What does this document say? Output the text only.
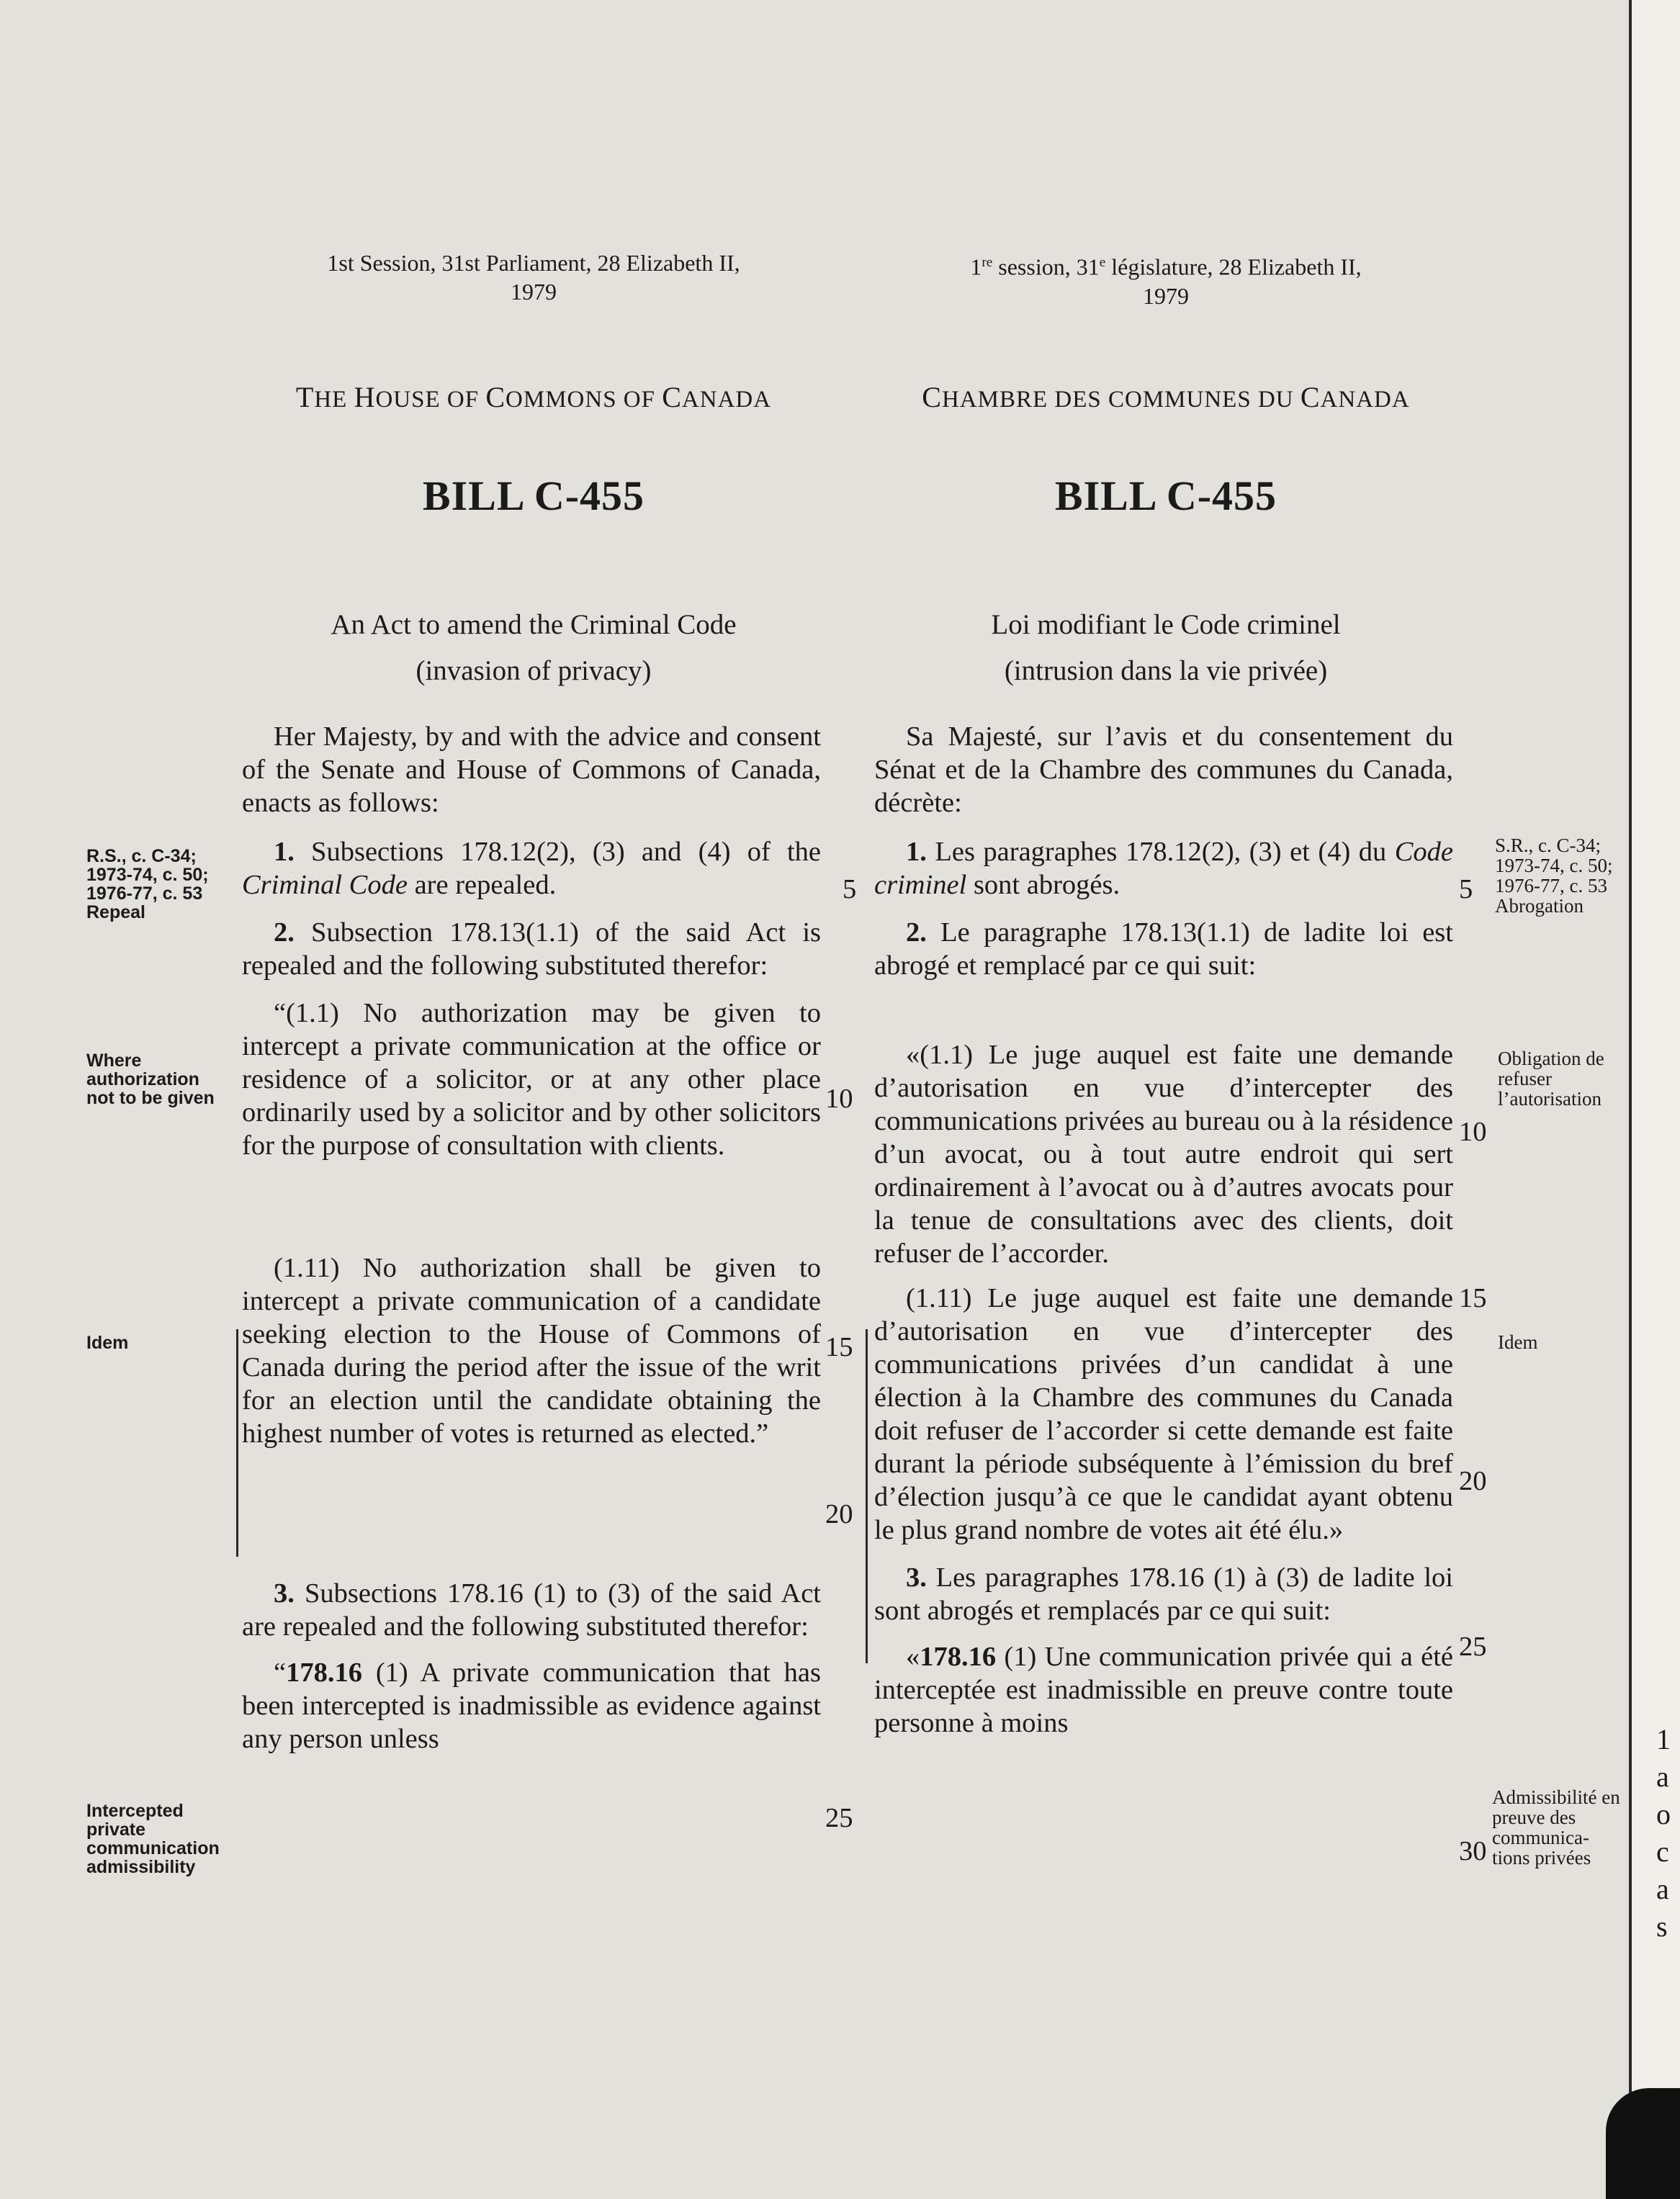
1st Session, 31st Parliament, 28 Elizabeth II,
1979
THE HOUSE OF COMMONS OF CANADA
BILL C-455
An Act to amend the Criminal Code
(invasion of privacy)

Her Majesty, by and with the advice and consent of the Senate and House of Commons of Canada, enacts as follows:

1. Subsections 178.12(2), (3) and (4) of the Criminal Code are repealed.

2. Subsection 178.13(1.1) of the said Act is repealed and the following substituted therefor:

“(1.1) No authorization may be given to intercept a private communication at the office or residence of a solicitor, or at any other place ordinarily used by a solicitor and by other solicitors for the purpose of consultation with clients.

(1.11) No authorization shall be given to intercept a private communication of a candidate seeking election to the House of Commons of Canada during the period after the issue of the writ for an election until the candidate obtaining the highest number of votes is returned as elected.”

3. Subsections 178.16 (1) to (3) of the said Act are repealed and the following substituted therefor:

“178.16 (1) A private communication that has been intercepted is inadmissible as evidence against any person unless

R.S., c. C-34;
1973-74, c. 50;
1976-77, c. 53
Repeal
Where
authorization
not to be given
Idem
Intercepted
private
communication
admissibility
5
10
15
20
25
1re session, 31e législature, 28 Elizabeth II,
1979
CHAMBRE DES COMMUNES DU CANADA
BILL C-455
Loi modifiant le Code criminel
(intrusion dans la vie privée)

Sa Majesté, sur l’avis et du consentement du Sénat et de la Chambre des communes du Canada, décrète:

1. Les paragraphes 178.12(2), (3) et (4) du Code criminel sont abrogés.

2. Le paragraphe 178.13(1.1) de ladite loi est abrogé et remplacé par ce qui suit:

«(1.1) Le juge auquel est faite une demande d’autorisation en vue d’intercepter des communications privées au bureau ou à la résidence d’un avocat, ou à tout autre endroit qui sert ordinairement à l’avocat ou à d’autres avocats pour la tenue de consultations avec des clients, doit refuser de l’accorder.

(1.11) Le juge auquel est faite une demande d’autorisation en vue d’intercepter des communications privées d’un candidat à une élection à la Chambre des communes du Canada doit refuser de l’accorder si cette demande est faite durant la période subséquente à l’émission du bref d’élection jusqu’à ce que le candidat ayant obtenu le plus grand nombre de votes ait été élu.»

3. Les paragraphes 178.16 (1) à (3) de ladite loi sont abrogés et remplacés par ce qui suit:

«178.16 (1) Une communication privée qui a été interceptée est inadmissible en preuve contre toute personne à moins

5
10
15
20
25
30
S.R., c. C-34;
1973-74, c. 50;
1976-77, c. 53
Abrogation
Obligation de
refuser
l’autorisation
Idem
Admissibilité en
preuve des
communica-
tions privées
1
a
o
c
a
s
